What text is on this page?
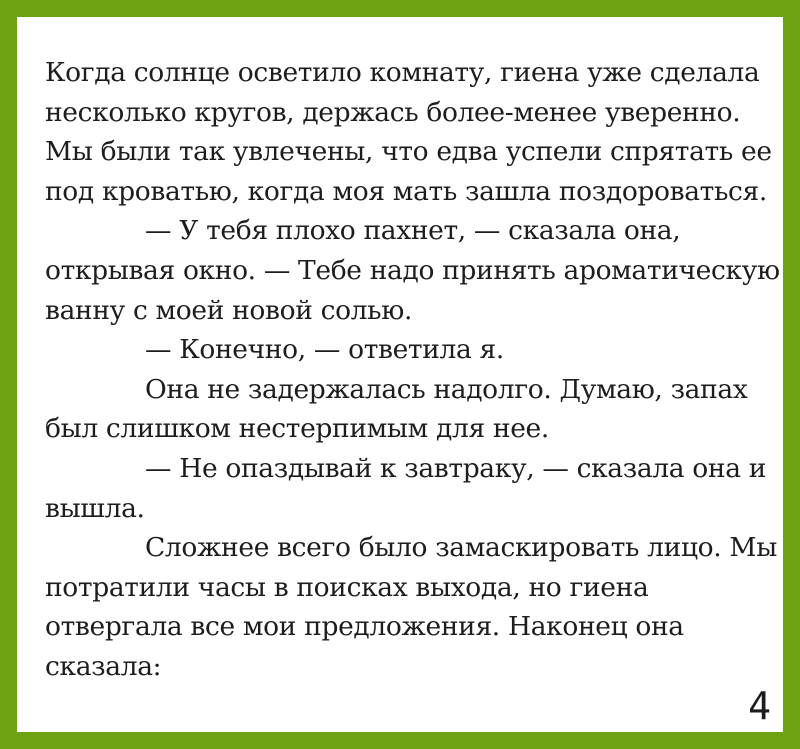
Когда солнце осветило комнату, гиена уже сделала несколько кругов, держась более-менее уверенно. Мы были так увлечены, что едва успели спрятать ее под кроватью, когда моя мать зашла поздороваться.

— У тебя плохо пахнет, — сказала она, открывая окно. — Тебе надо принять ароматическую ванну с моей новой солью.

— Конечно, — ответила я.

Она не задержалась надолго. Думаю, запах был слишком нестерпимым для нее.

— Не опаздывай к завтраку, — сказала она и вышла.

Сложнее всего было замаскировать лицо. Мы потратили часы в поисках выхода, но гиена отвергала все мои предложения. Наконец она сказала:

4
